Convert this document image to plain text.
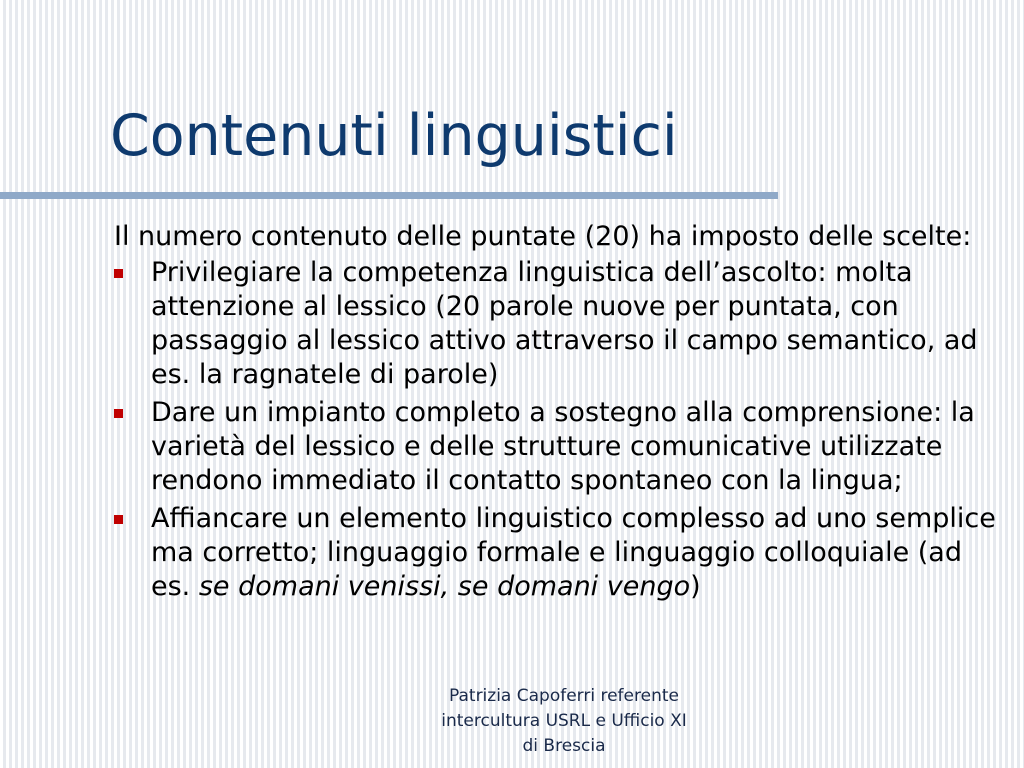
Contenuti linguistici

Il numero contenuto delle puntate (20) ha imposto delle scelte:

Privilegiare la competenza linguistica dell’ascolto: molta attenzione al lessico (20 parole nuove per puntata, con passaggio al lessico attivo attraverso il campo semantico, ad es. la ragnatele di parole)
Dare un impianto completo a sostegno alla comprensione: la varietà del lessico e delle strutture comunicative utilizzate rendono immediato il contatto spontaneo con la lingua;
Affiancare un elemento linguistico complesso ad uno semplice ma corretto; linguaggio formale e linguaggio colloquiale (ad es. se domani venissi, se domani vengo)
Patrizia Capoferri referente
intercultura USRL e Ufficio XI
di Brescia
